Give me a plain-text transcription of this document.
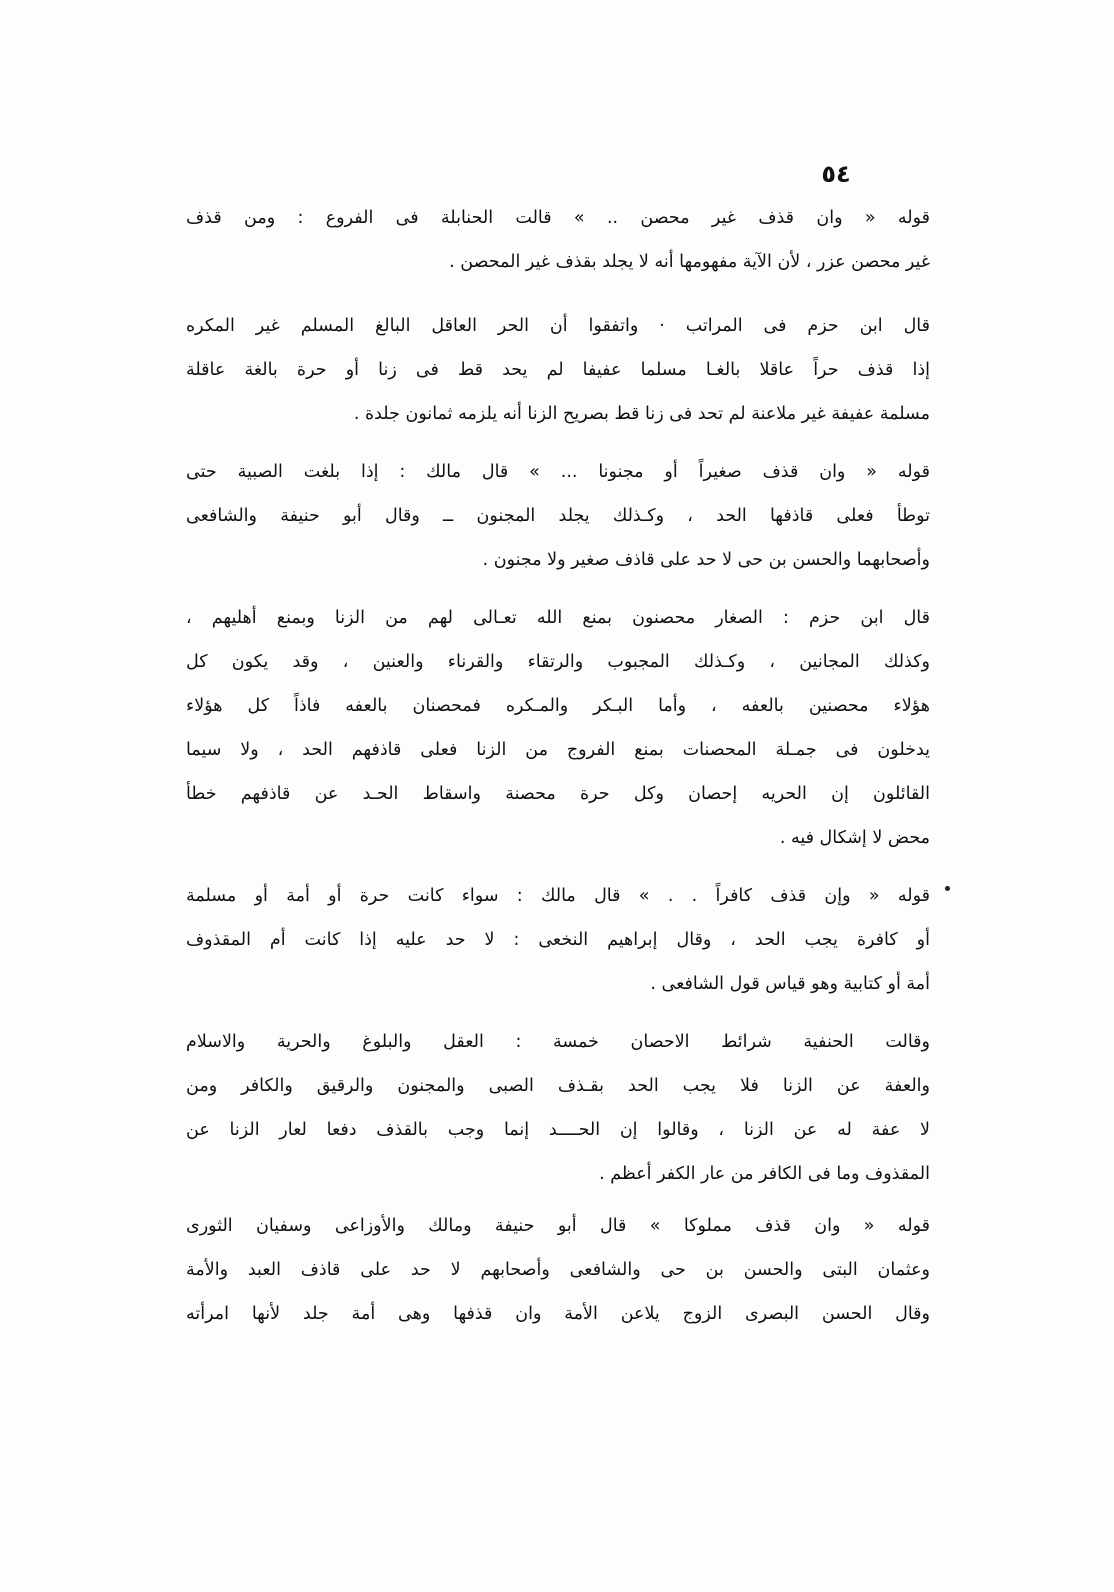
٥٤

قوله « وان قذف غير محصن .. » قالت الحنابلة فى الفروع : ومن قذف
غير محصن عزر ، لأن الآية مفهومها أنه لا يجلد بقذف غير المحصن .

قال ابن حزم فى المراتب · واتفقوا أن الحر العاقل البالغ المسلم غير المكره
إذا قذف حراً عاقلا بالغـا مسلما عفيفا لم يحد قط فى زنا أو حرة بالغة عاقلة
مسلمة عفيفة غير ملاعنة لم تحد فى زنا قط بصريح الزنا أنه يلزمه ثمانون جلدة .

قوله « وان قذف صغيراً أو مجنونا ... » قال مالك : إذا بلغت الصبية حتى
توطأ فعلى قاذفها الحد ، وكـذلك يجلد المجنون ــ وقال أبو حنيفة والشافعى
وأصحابهما والحسن بن حى لا حد على قاذف صغير ولا مجنون .

قال ابن حزم : الصغار محصنون بمنع الله تعـالى لهم من الزنا وبمنع أهليهم ،
وكذلك المجانين ، وكـذلك المجبوب والرتقاء والقرناء والعنين ، وقد يكون كل
هؤلاء محصنين بالعفه ، وأما البـكر والمـكره فمحصنان بالعفه فاذاً كل هؤلاء
يدخلون فى جمـلة المحصنات بمنع الفروج من الزنا فعلى قاذفهم الحد ، ولا سيما
القائلون إن الحريه إحصان وكل حرة محصنة واسقاط الحـد عن قاذفهم خطأ
محض لا إشكال فيه .

قوله « وإن قذف كافراً . . » قال مالك : سواء كانت حرة أو أمة أو مسلمة
أو كافرة يجب الحد ، وقال إبراهيم النخعى : لا حد عليه إذا كانت أم المقذوف
أمة أو كتابية وهو قياس قول الشافعى .

وقالت الحنفية شرائط الاحصان خمسة : العقل والبلوغ والحرية والاسلام
والعفة عن الزنا فلا يجب الحد بقـذف الصبى والمجنون والرقيق والكافر ومن
لا عفة له عن الزنا ، وقالوا إن الحــــد إنما وجب بالقذف دفعا لعار الزنا عن
المقذوف وما فى الكافر من عار الكفر أعظم .

قوله « وان قذف مملوكا » قال أبو حنيفة ومالك والأوزاعى وسفيان الثورى
وعثمان البتى والحسن بن حى والشافعى وأصحابهم لا حد على قاذف العبد والأمة
وقال الحسن البصرى الزوج يلاعن الأمة وان قذفها وهى أمة جلد لأنها امرأته
